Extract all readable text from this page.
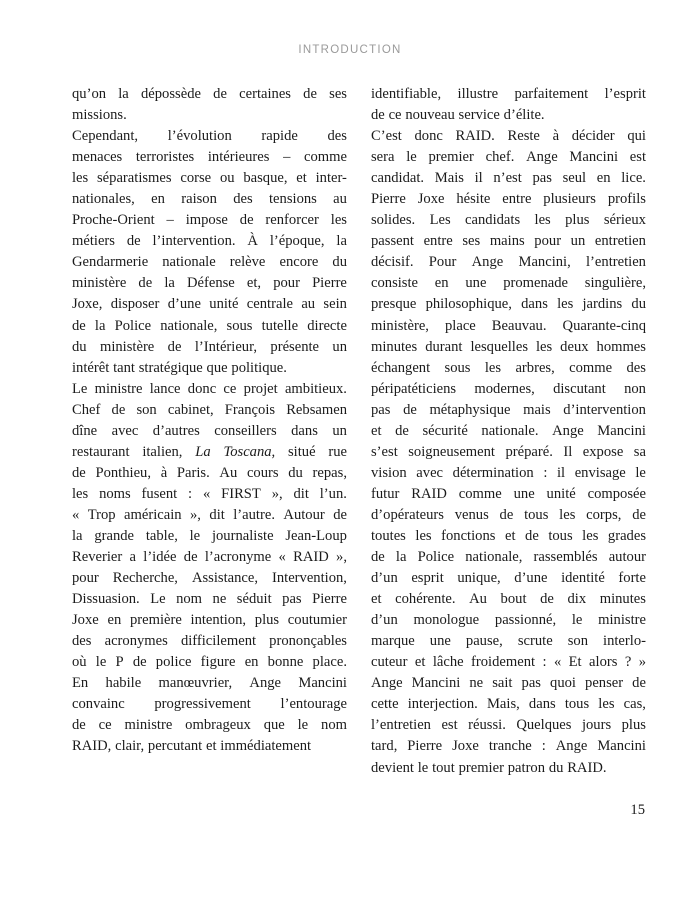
INTRODUCTION
qu’on la dépossède de certaines de ses
missions.
Cependant, l’évolution rapide des
menaces terroristes intérieures – comme
les séparatismes corse ou basque, et inter-
nationales, en raison des tensions au
Proche-Orient – impose de renforcer les
métiers de l’intervention. À l’époque, la
Gendarmerie nationale relève encore du
ministère de la Défense et, pour Pierre
Joxe, disposer d’une unité centrale au sein
de la Police nationale, sous tutelle directe
du ministère de l’Intérieur, présente un
intérêt tant stratégique que politique.
Le ministre lance donc ce projet ambitieux.
Chef de son cabinet, François Rebsamen
dîne avec d’autres conseillers dans un
restaurant italien, La Toscana, situé rue
de Ponthieu, à Paris. Au cours du repas,
les noms fusent : « FIRST », dit l’un.
« Trop américain », dit l’autre. Autour de
la grande table, le journaliste Jean-Loup
Reverier a l’idée de l’acronyme « RAID »,
pour Recherche, Assistance, Intervention,
Dissuasion. Le nom ne séduit pas Pierre
Joxe en première intention, plus coutumier
des acronymes difficilement prononçables
où le P de police figure en bonne place.
En habile manœuvrier, Ange Mancini
convainc progressivement l’entourage
de ce ministre ombrageux que le nom
RAID, clair, percutant et immédiatement
identifiable, illustre parfaitement l’esprit
de ce nouveau service d’élite.
C’est donc RAID. Reste à décider qui
sera le premier chef. Ange Mancini est
candidat. Mais il n’est pas seul en lice.
Pierre Joxe hésite entre plusieurs profils
solides. Les candidats les plus sérieux
passent entre ses mains pour un entretien
décisif. Pour Ange Mancini, l’entretien
consiste en une promenade singulière,
presque philosophique, dans les jardins du
ministère, place Beauvau. Quarante-cinq
minutes durant lesquelles les deux hommes
échangent sous les arbres, comme des
péripatéticiens modernes, discutant non
pas de métaphysique mais d’intervention
et de sécurité nationale. Ange Mancini
s’est soigneusement préparé. Il expose sa
vision avec détermination : il envisage le
futur RAID comme une unité composée
d’opérateurs venus de tous les corps, de
toutes les fonctions et de tous les grades
de la Police nationale, rassemblés autour
d’un esprit unique, d’une identité forte
et cohérente. Au bout de dix minutes
d’un monologue passionné, le ministre
marque une pause, scrute son interlo-
cuteur et lâche froidement : « Et alors ? »
Ange Mancini ne sait pas quoi penser de
cette interjection. Mais, dans tous les cas,
l’entretien est réussi. Quelques jours plus
tard, Pierre Joxe tranche : Ange Mancini
devient le tout premier patron du RAID.
15
